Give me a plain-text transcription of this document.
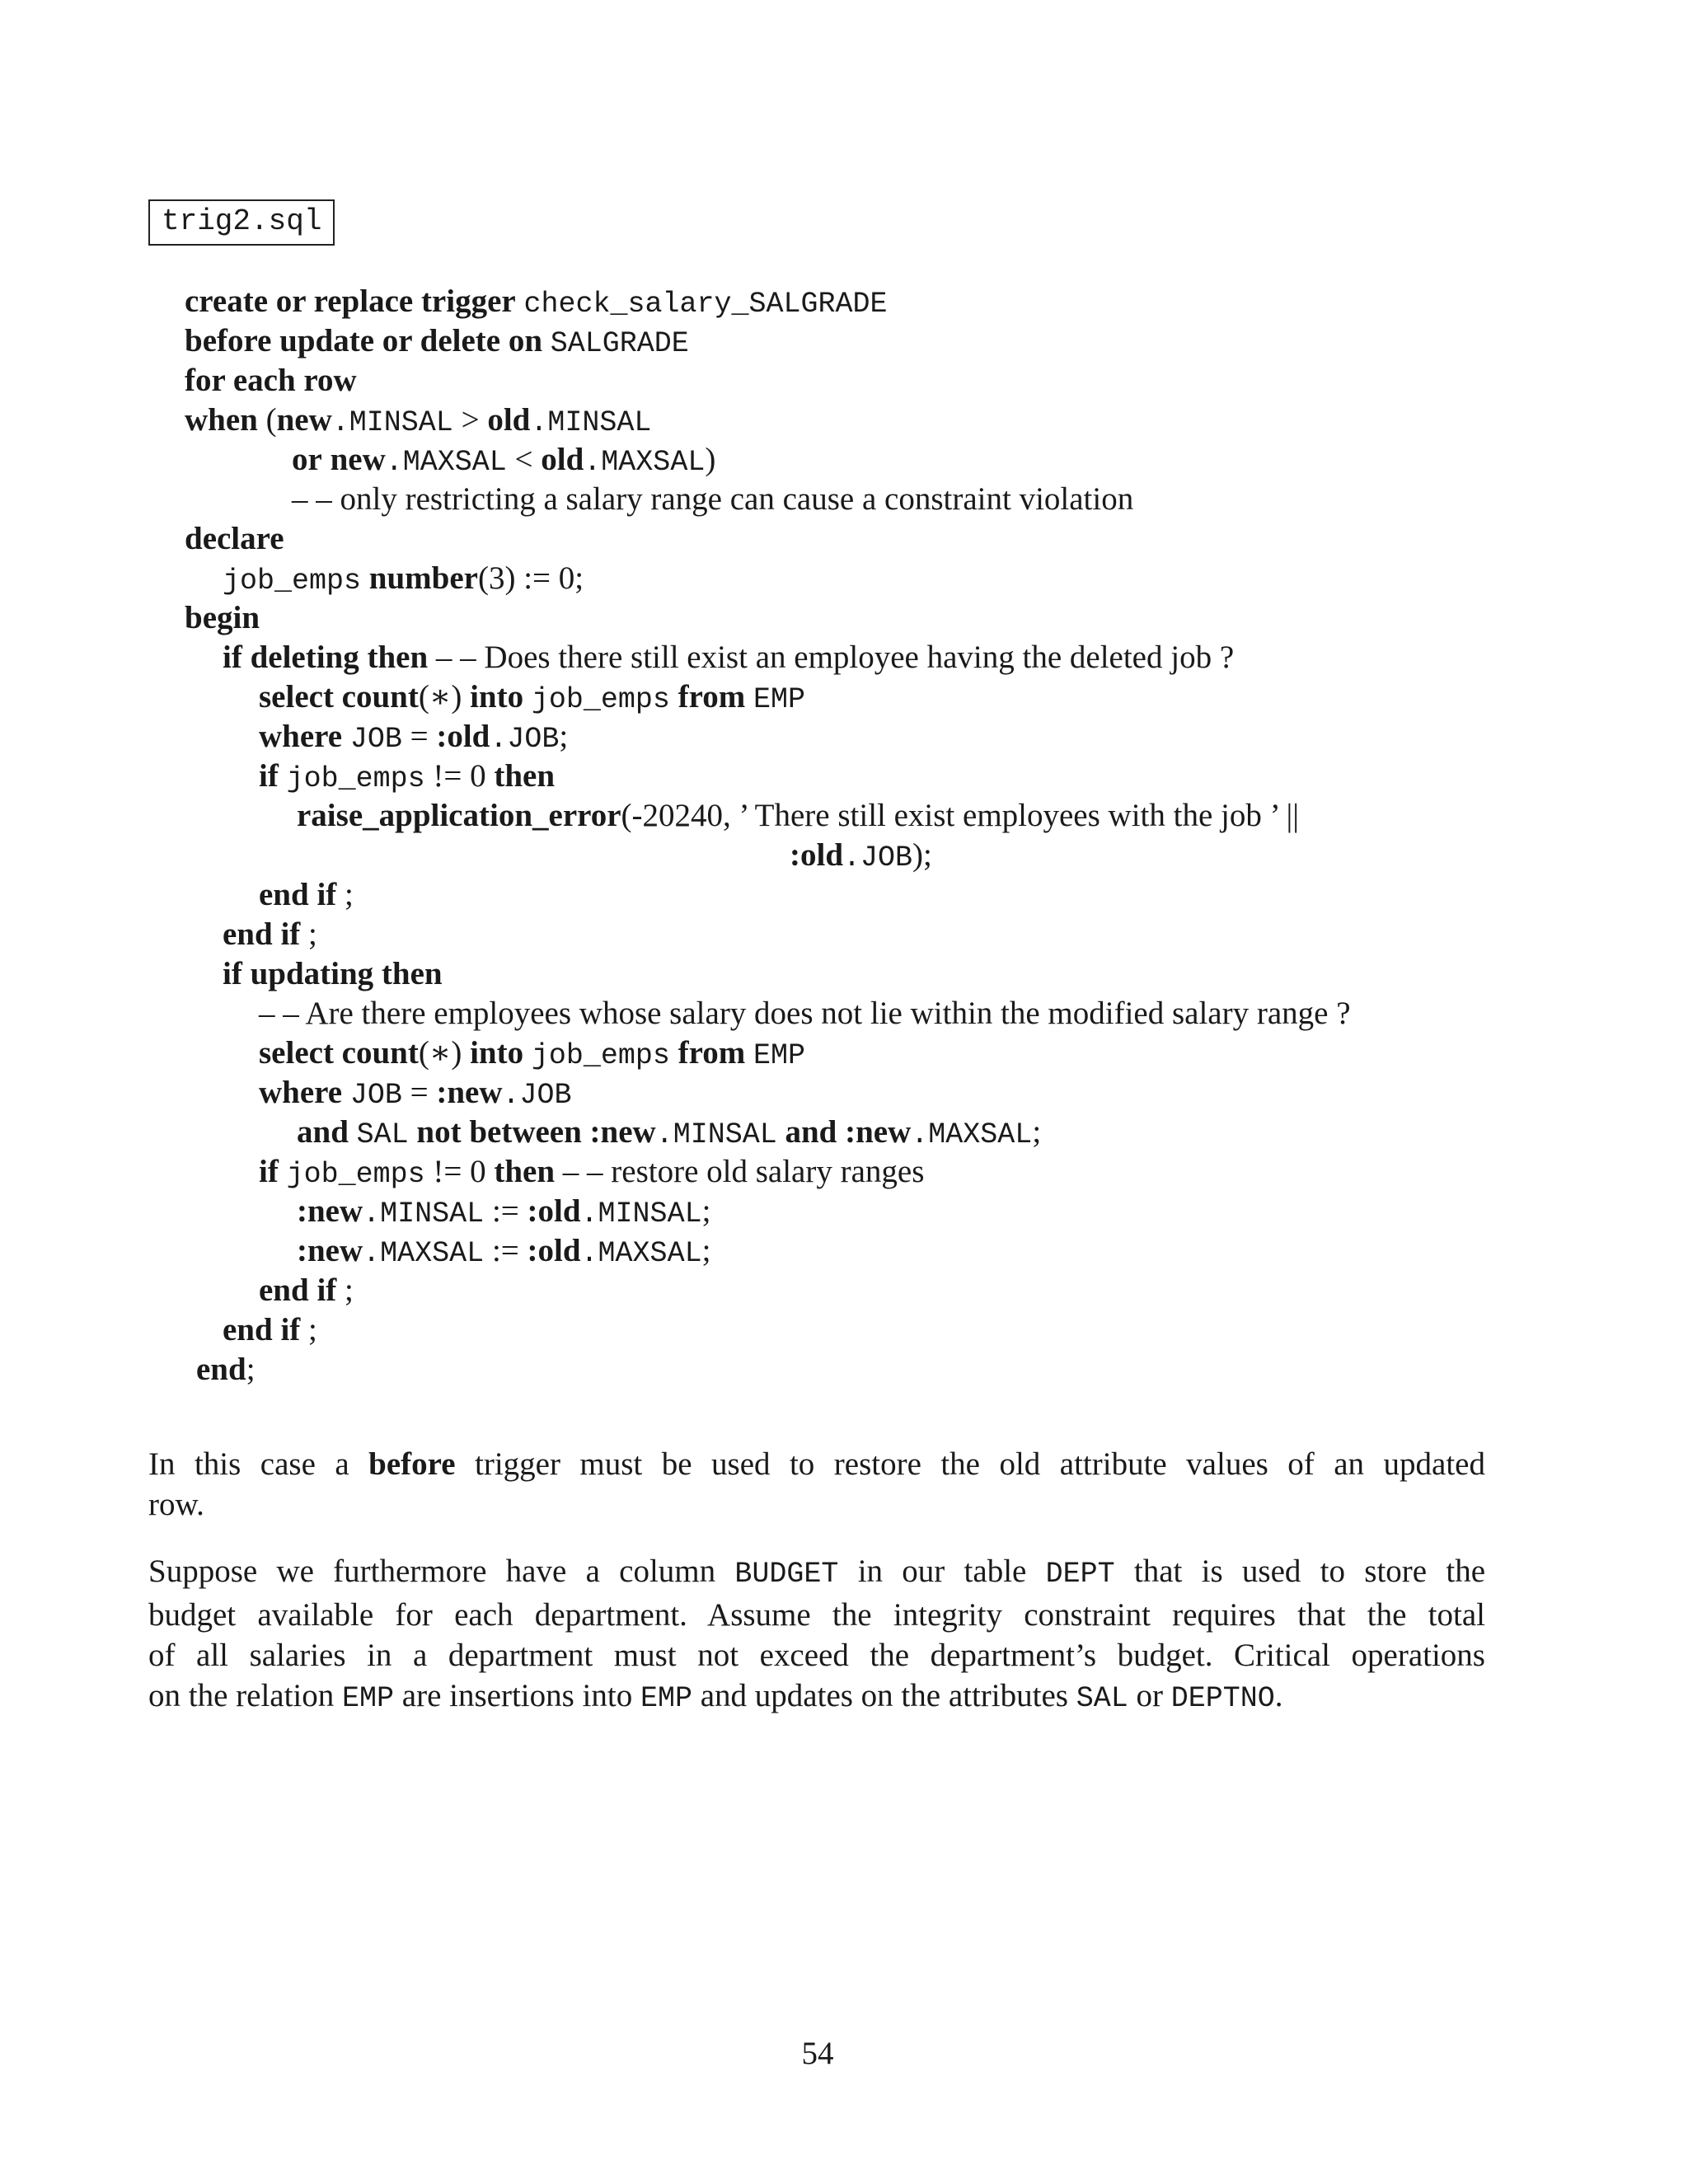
trig2.sql
create or replace trigger check_salary_SALGRADE
before update or delete on SALGRADE
for each row
when (new.MINSAL > old.MINSAL
or new.MAXSAL < old.MAXSAL)
– – only restricting a salary range can cause a constraint violation
declare
job_emps number(3) := 0;
begin
if deleting then – – Does there still exist an employee having the deleted job ?
select count(∗) into job_emps from EMP
where JOB = :old.JOB;
if job_emps != 0 then
raise_application_error(-20240, ’ There still exist employees with the job ’ ||
:old.JOB);
end if ;
end if ;
if updating then
– – Are there employees whose salary does not lie within the modified salary range ?
select count(∗) into job_emps from EMP
where JOB = :new.JOB
and SAL not between :new.MINSAL and :new.MAXSAL;
if job_emps != 0 then – – restore old salary ranges
:new.MINSAL := :old.MINSAL;
:new.MAXSAL := :old.MAXSAL;
end if ;
end if ;
end;
In this case a before trigger must be used to restore the old attribute values of an updated
row.
Suppose we furthermore have a column BUDGET in our table DEPT that is used to store the
budget available for each department. Assume the integrity constraint requires that the total
of all salaries in a department must not exceed the department’s budget. Critical operations
on the relation EMP are insertions into EMP and updates on the attributes SAL or DEPTNO.
54
